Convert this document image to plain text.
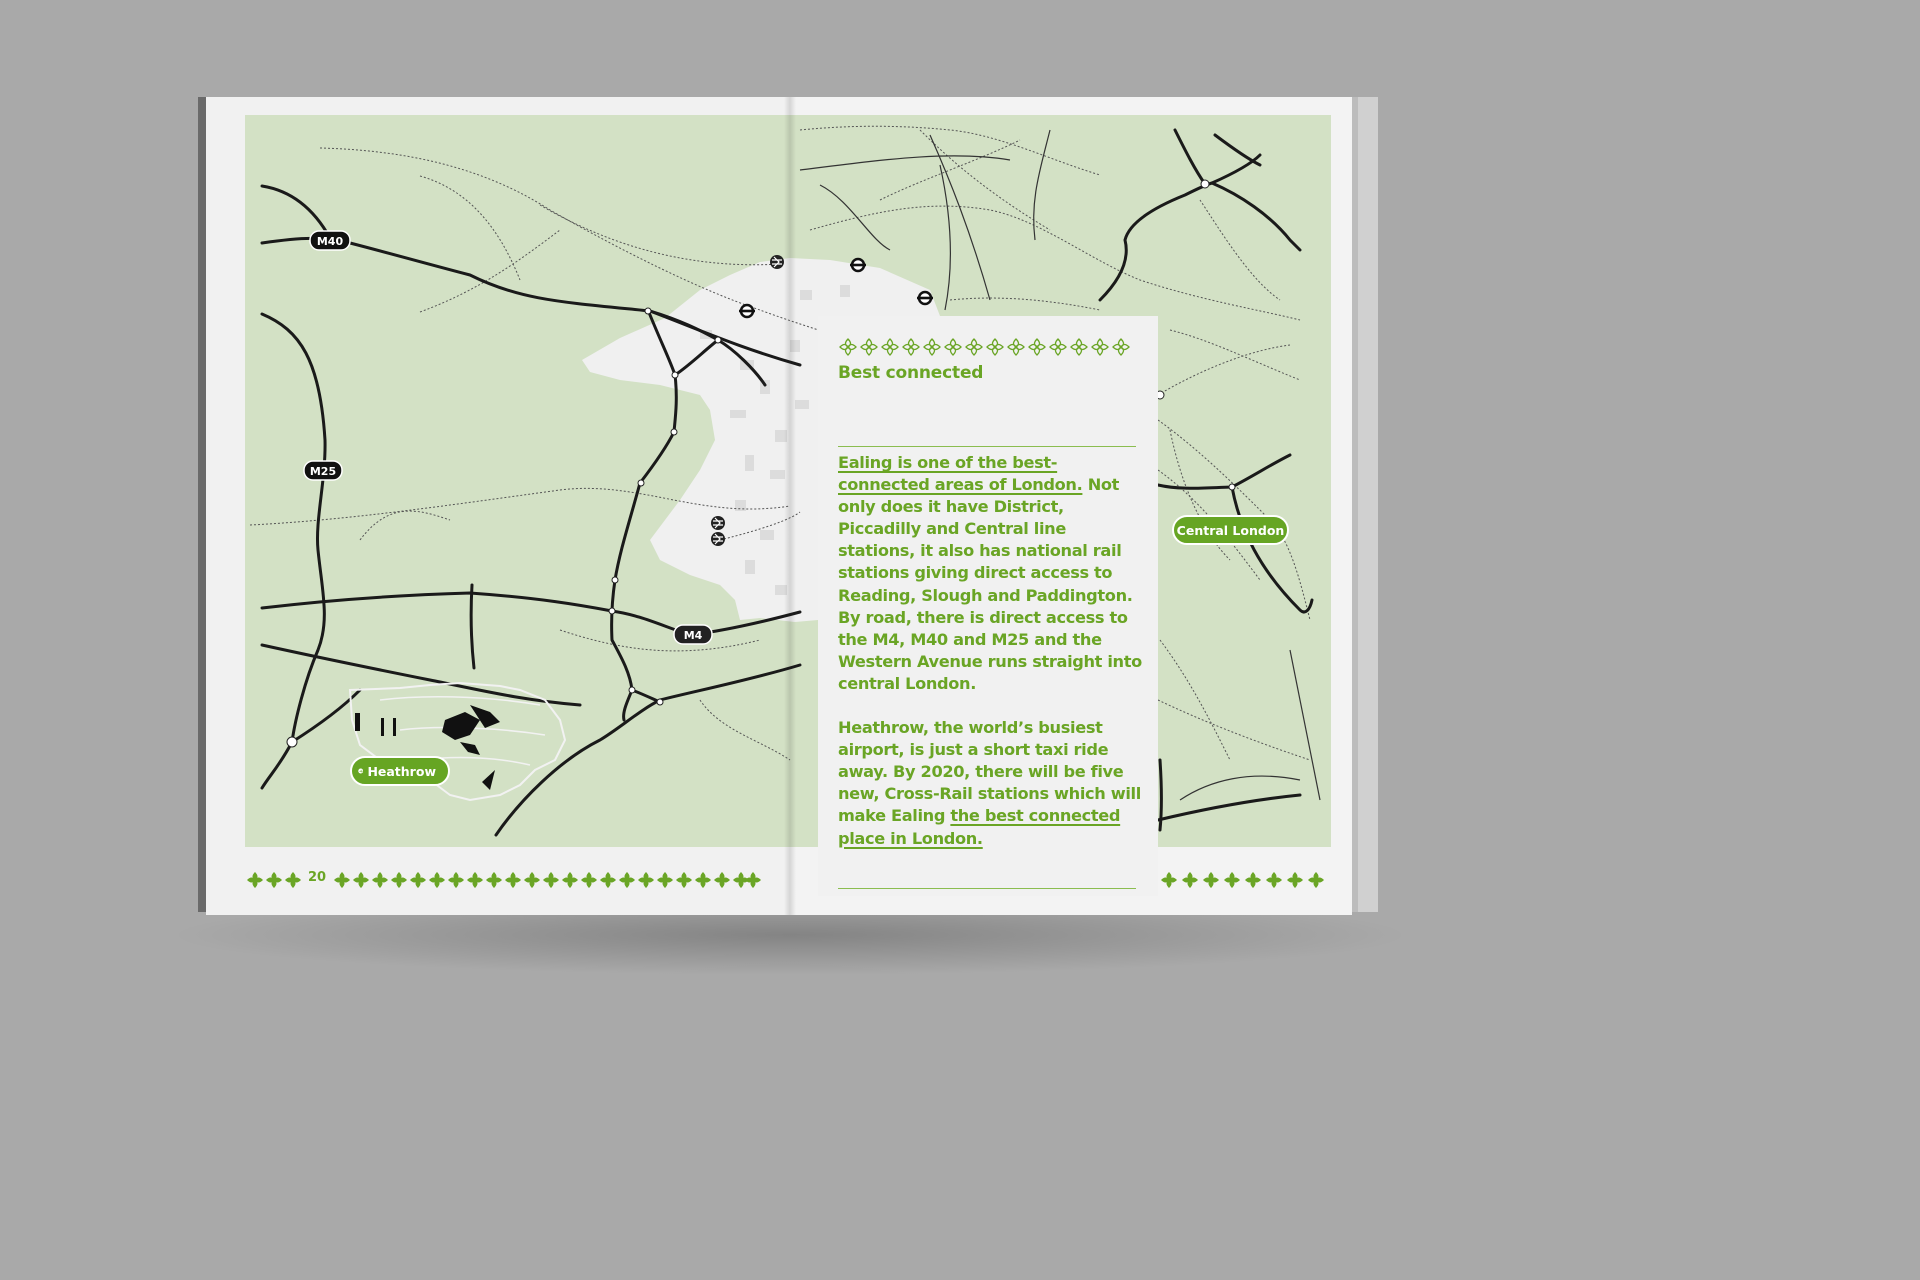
M40
M25
M4
Heathrow
Central London
20
Best connected

Ealing is one of the best-
connected areas of London. Not only does it have District, Piccadilly and Central line stations, it also has national rail stations giving direct access to Reading, Slough and Paddington. By road, there is direct access to the M4, M40 and M25 and the Western Avenue runs straight into central London.

Heathrow, the world’s busiest airport, is just a short taxi ride away. By 2020, there will be five new, Cross-Rail stations which will make Ealing the best connected place in London.
